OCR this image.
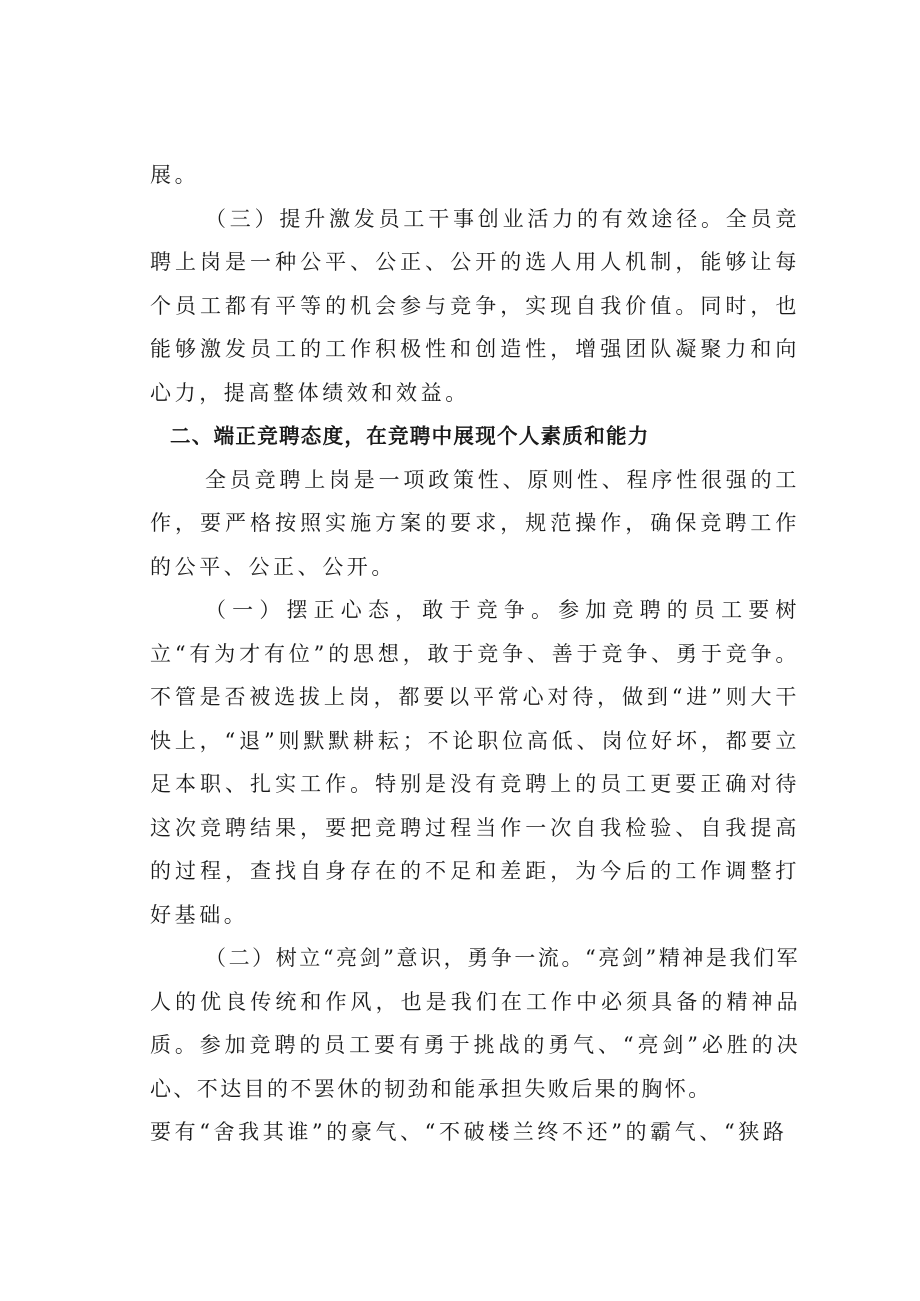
展。

（三）提升激发员工干事创业活力的有效途径。全员竞聘上岗是一种公平、公正、公开的选人用人机制，能够让每个员工都有平等的机会参与竞争，实现自我价值。同时，也能够激发员工的工作积极性和创造性，增强团队凝聚力和向心力，提高整体绩效和效益。

二、端正竞聘态度，在竞聘中展现个人素质和能力

全员竞聘上岗是一项政策性、原则性、程序性很强的工作，要严格按照实施方案的要求，规范操作，确保竞聘工作的公平、公正、公开。

（一）摆正心态，敢于竞争。参加竞聘的员工要树立“有为才有位”的思想，敢于竞争、善于竞争、勇于竞争。不管是否被选拔上岗，都要以平常心对待，做到“进”则大干快上，“退”则默默耕耘；不论职位高低、岗位好坏，都要立足本职、扎实工作。特别是没有竞聘上的员工更要正确对待这次竞聘结果，要把竞聘过程当作一次自我检验、自我提高的过程，查找自身存在的不足和差距，为今后的工作调整打好基础。

（二）树立“亮剑”意识，勇争一流。“亮剑”精神是我们军人的优良传统和作风，也是我们在工作中必须具备的精神品质。参加竞聘的员工要有勇于挑战的勇气、“亮剑”必胜的决心、不达目的不罢休的韧劲和能承担失败后果的胸怀。

要有“舍我其谁”的豪气、“不破楼兰终不还”的霸气、“狭路
